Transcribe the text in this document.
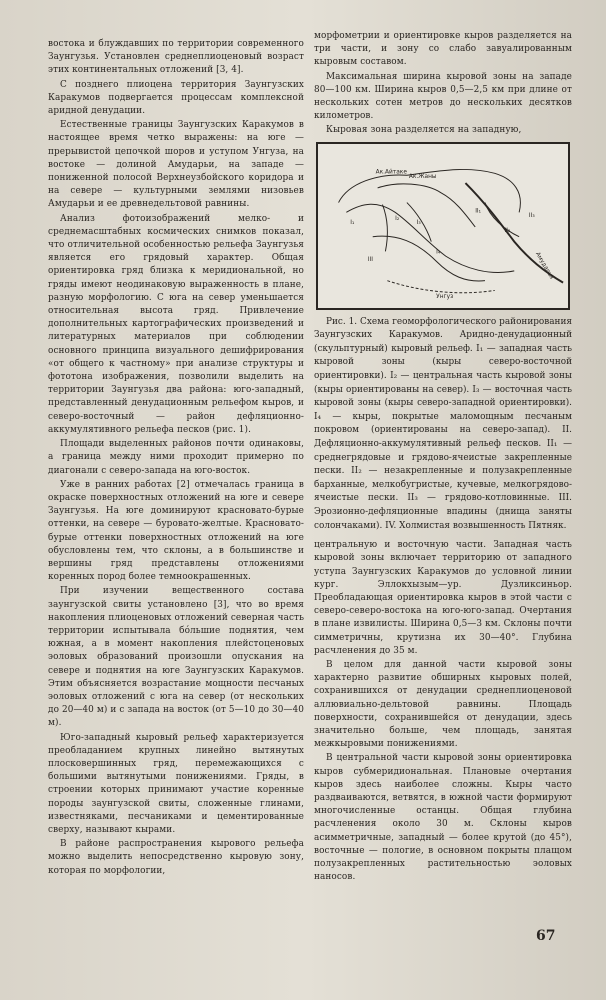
востока и блуждавших по территории современного Заунгузья. Установлен среднеплиоценовый возраст этих континентальных отложений [3, 4].

С позднего плиоцена территория Заунгузских Каракумов подвергается процессам комплексной аридной денудации.

Естественные границы Заунгузских Каракумов в настоящее время четко выражены: на юге — прерывистой цепочкой шоров и уступом Унгуза, на востоке — долиной Амударьи, на западе — пониженной полосой Верхнеузбойского коридора и на севере — культурными землями низовьев Амударьи и ее древнедельтовой равнины.

Анализ фотоизображений мелко- и среднемасштабных космических снимков показал, что отличительной особенностью рельефа Заунгузья является его грядовый характер. Общая ориентировка гряд близка к меридиональной, но гряды имеют неодинаковую выраженность в плане, разную морфологию. С юга на север уменьшается относительная высота гряд. Привлечение дополнительных картографических произведений и литературных материалов при соблюдении основного принципа визуального дешифрирования «от общего к частному» при анализе структуры и фототона изображения, позволили выделить на территории Заунгузья два района: юго-западный, представленный денудационным рельефом кыров, и северо-восточный — район дефляционно-аккумулятивного рельефа песков (рис. 1).

Площади выделенных районов почти одинаковы, а граница между ними проходит примерно по диагонали с северо-запада на юго-восток.

Уже в ранних работах [2] отмечалась граница в окраске поверхностных отложений на юге и севере Заунгузья. На юге доминируют красновато-бурые оттенки, на севере — буровато-желтые. Красновато-бурые оттенки поверхностных отложений на юге обусловлены тем, что склоны, а в большинстве и вершины гряд представлены отложениями коренных пород более темноокрашенных.

При изучении вещественного состава заунгузской свиты установлено [3], что во время накопления плиоценовых отложений северная часть территории испытывала бо́льшие поднятия, чем южная, а в момент накопления плейстоценовых эоловых образований произошли опускания на севере и поднятия на юге Заунгузских Каракумов. Этим объясняется возрастание мощности песчаных эоловых отложений с юга на север (от нескольких до 20—40 м) и с запада на восток (от 5—10 до 30—40 м).

Юго-западный кыровый рельеф характеризуется преобладанием крупных линейно вытянутых плосковершинных гряд, перемежающихся с большими вытянутыми понижениями. Гряды, в строении которых принимают участие коренные породы заунгузской свиты, сложенные глинами, известняками, песчаниками и цементированные сверху, называют кырами.

В районе распространения кырового рельефа можно выделить непосредственно кыровую зону, которая по морфологии,

морфометрии и ориентировке кыров разделяется на три части, и зону со слабо завуалированным кыровым составом.

Максимальная ширина кыровой зоны на западе 80—100 км. Ширина кыров 0,5—2,5 км при длине от нескольких сотен метров до нескольких десятков километров.

Кыровая зона разделяется на западную,

Ак.Айтаке
Ак.Жаны
I₁
I₂
I₃
I₄
II₁
II₂
II₃
III	Амударья
Унгуз

Рис. 1. Схема геоморфологического районирования Заунгузских Каракумов. Аридно-денудационный (скульптурный) кыровый рельеф. I₁ — западная часть кыровой зоны (кыры северо-восточной ориентировки). I₂ — центральная часть кыровой зоны (кыры ориентированы на север). I₃ — восточная часть кыровой зоны (кыры северо-западной ориентировки). I₄ — кыры, покрытые маломощным песчаным покровом (ориентированы на северо-запад). II. Дефляционно-аккумулятивный рельеф песков. II₁ — среднегрядовые и грядово-ячеистые закрепленные пески. II₂ — незакрепленные и полузакрепленные барханные, мелкобугристые, кучевые, мелкогрядово-ячеистые пески. II₃ — грядово-котловинные. III. Эрозионно-дефляционные впадины (днища заняты солончаками). IV. Холмистая возвышенность Пятняк.

центральную и восточную части. Западная часть кыровой зоны включает территорию от западного уступа Заунгузских Каракумов до условной линии кург. Эллокхызым—ур. Дузликсиньор. Преобладающая ориентировка кыров в этой части с северо-северо-востока на юго-юго-запад. Очертания в плане извилисты. Ширина 0,5—3 км. Склоны почти симметричны, крутизна их 30—40°. Глубина расчленения до 35 м.

В целом для данной части кыровой зоны характерно развитие обширных кыровых полей, сохранившихся от денудации среднеплиоценовой аллювиально-дельтовой равнины. Площадь поверхности, сохранившейся от денудации, здесь значительно больше, чем площадь, занятая межкыровыми понижениями.

В центральной части кыровой зоны ориентировка кыров субмеридиональная. Плановые очертания кыров здесь наиболее сложны. Кыры часто раздваиваются, ветвятся, в южной части формируют многочисленные останцы. Общая глубина расчленения около 30 м. Склоны кыров асимметричные, западный — более крутой (до 45°), восточные — пологие, в основном покрыты плащом полузакрепленных растительностью эоловых наносов.

67
